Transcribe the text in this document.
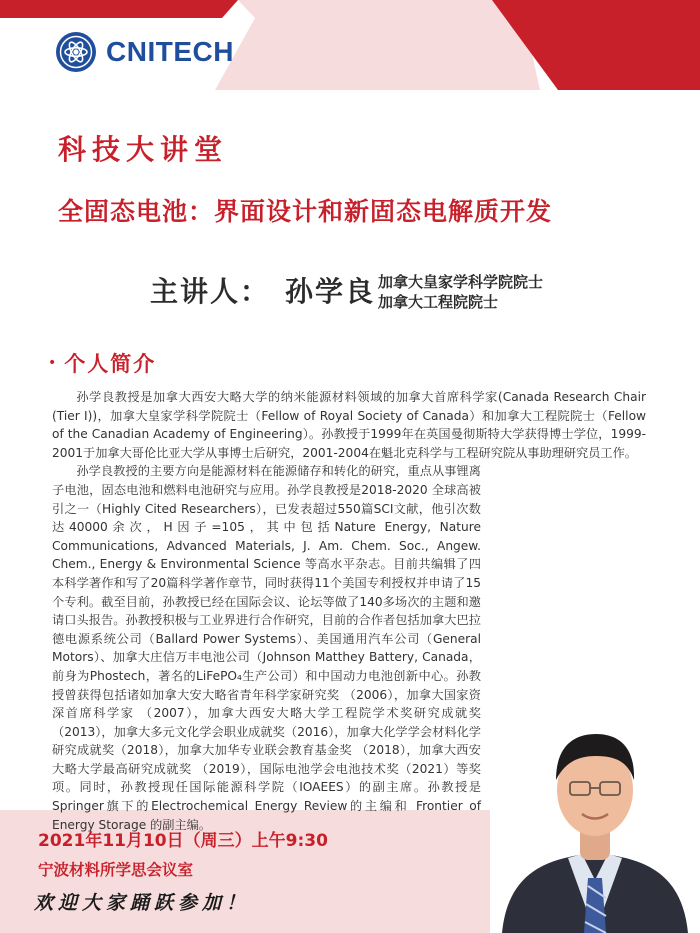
CNITECH
科技大讲堂
全固态电池：界面设计和新固态电解质开发
主讲人： 孙学良 加拿大皇家学科学院院士
加拿大工程院院士
• 个人简介

孙学良教授是加拿大西安大略大学的纳米能源材料领域的加拿大首席科学家(Canada Research Chair (Tier I))，加拿大皇家学科学院院士（Fellow of Royal Society of Canada）和加拿大工程院院士（Fellow of the Canadian Academy of Engineering）。孙教授于1999年在英国曼彻斯特大学获得博士学位，1999-2001于加拿大哥伦比亚大学从事博士后研究，2001-2004在魁北克科学与工程研究院从事助理研究员工作。

孙学良教授的主要方向是能源材料在能源储存和转化的研究，重点从事锂离子电池，固态电池和燃料电池研究与应用。孙学良教授是2018-2020 全球高被引之一（Highly Cited Researchers），已发表超过550篇SCI文献，他引次数达40000余次，H因子=105，其中包括Nature Energy, Nature Communications, Advanced Materials, J. Am. Chem. Soc., Angew. Chem., Energy & Environmental Science 等高水平杂志。目前共编辑了四本科学著作和写了20篇科学著作章节，同时获得11个美国专利授权并申请了15个专利。截至目前，孙教授已经在国际会议、论坛等做了140多场次的主题和邀请口头报告。孙教授积极与工业界进行合作研究，目前的合作者包括加拿大巴拉德电源系统公司（Ballard Power Systems）、美国通用汽车公司（General Motors）、加拿大庄信万丰电池公司（Johnson Matthey Battery, Canada，前身为Phostech，著名的LiFePO₄生产公司）和中国动力电池创新中心。孙教授曾获得包括诸如加拿大安大略省青年科学家研究奖 （2006），加拿大国家资深首席科学家 （2007），加拿大西安大略大学工程院学术奖研究成就奖 （2013），加拿大多元文化学会职业成就奖（2016），加拿大化学学会材料化学研究成就奖（2018），加拿大加华专业联会教育基金奖 （2018），加拿大西安大略大学最高研究成就奖 （2019），国际电池学会电池技术奖（2021）等奖项。同时，孙教授现任国际能源科学院（IOAEES）的副主席。孙教授是Springer旗下的Electrochemical Energy Review的主编和 Frontier of Energy Storage 的副主编。

2021年11月10日（周三）上午9:30
宁波材料所学思会议室
欢迎大家踊跃参加！
